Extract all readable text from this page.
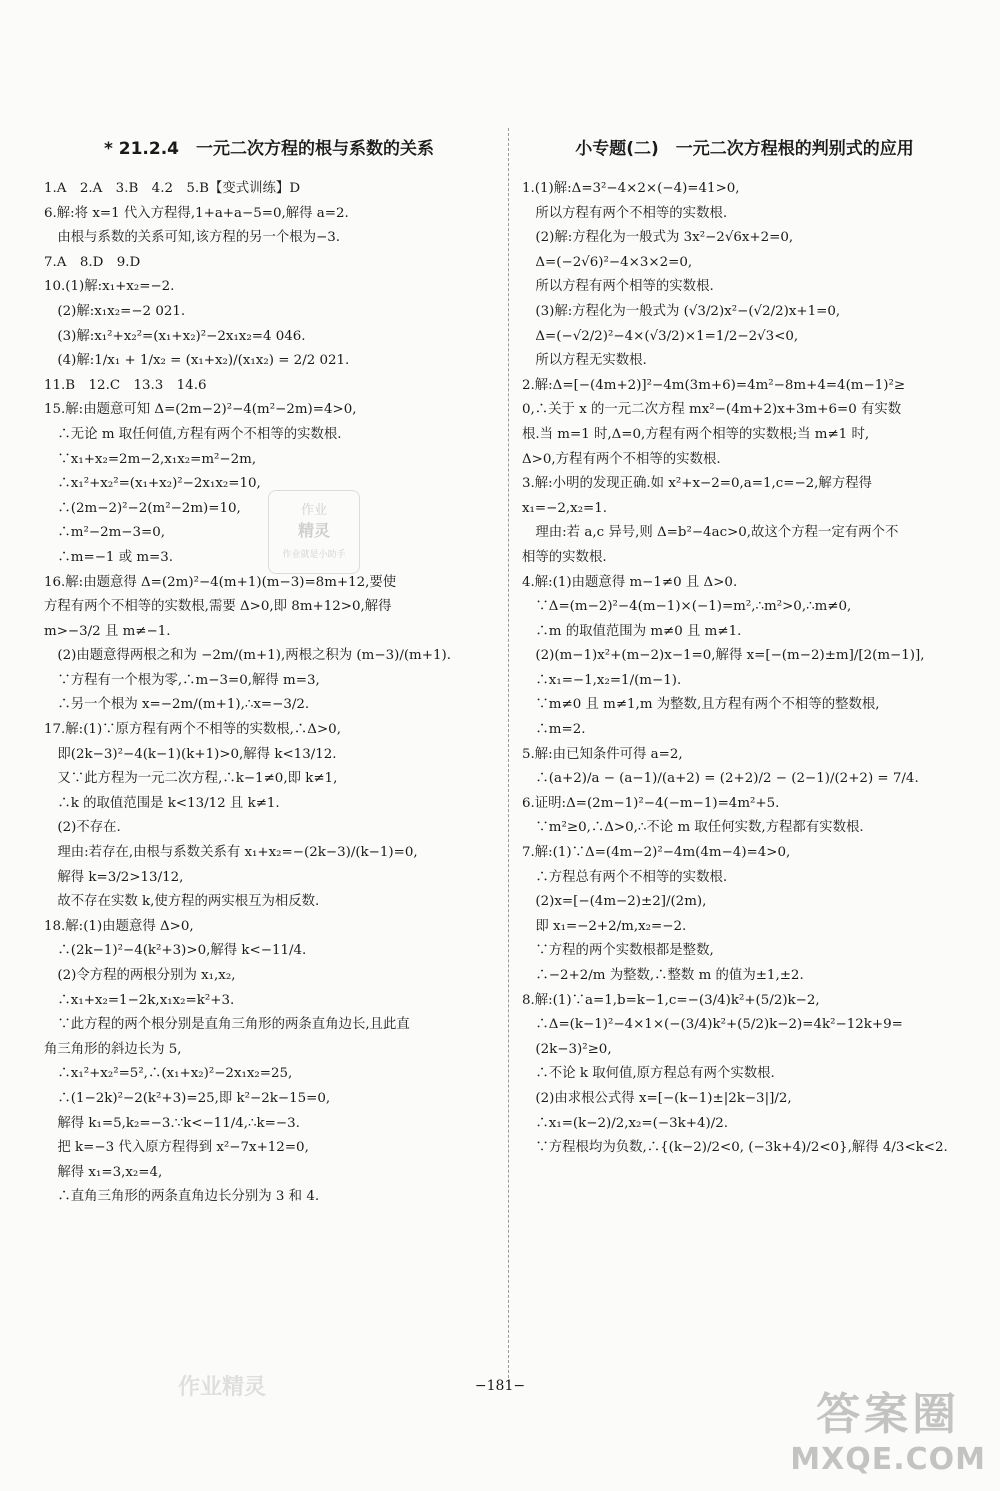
* 21.2.4　一元二次方程的根与系数的关系
1.A　2.A　3.B　4.2　5.B【变式训练】D
6.解:将 x=1 代入方程得,1+a+a−5=0,解得 a=2.
　由根与系数的关系可知,该方程的另一个根为−3.
7.A　8.D　9.D
10.(1)解:x₁+x₂=−2.
　(2)解:x₁x₂=−2 021.
　(3)解:x₁²+x₂²=(x₁+x₂)²−2x₁x₂=4 046.
　(4)解:1/x₁ + 1/x₂ = (x₁+x₂)/(x₁x₂) = 2/2 021.
11.B　12.C　13.3　14.6
15.解:由题意可知 Δ=(2m−2)²−4(m²−2m)=4>0,
　∴无论 m 取任何值,方程有两个不相等的实数根.
　∵x₁+x₂=2m−2,x₁x₂=m²−2m,
　∴x₁²+x₂²=(x₁+x₂)²−2x₁x₂=10,
　∴(2m−2)²−2(m²−2m)=10,
　∴m²−2m−3=0,
　∴m=−1 或 m=3.
16.解:由题意得 Δ=(2m)²−4(m+1)(m−3)=8m+12,要使
方程有两个不相等的实数根,需要 Δ>0,即 8m+12>0,解得
m>−3/2 且 m≠−1.
　(2)由题意得两根之和为 −2m/(m+1),两根之积为 (m−3)/(m+1).
　∵方程有一个根为零,∴m−3=0,解得 m=3,
　∴另一个根为 x=−2m/(m+1),∴x=−3/2.
17.解:(1)∵原方程有两个不相等的实数根,∴Δ>0,
　即(2k−3)²−4(k−1)(k+1)>0,解得 k<13/12.
　又∵此方程为一元二次方程,∴k−1≠0,即 k≠1,
　∴k 的取值范围是 k<13/12 且 k≠1.
　(2)不存在.
　理由:若存在,由根与系数关系有 x₁+x₂=−(2k−3)/(k−1)=0,
　解得 k=3/2>13/12,
　故不存在实数 k,使方程的两实根互为相反数.
18.解:(1)由题意得 Δ>0,
　∴(2k−1)²−4(k²+3)>0,解得 k<−11/4.
　(2)令方程的两根分别为 x₁,x₂,
　∴x₁+x₂=1−2k,x₁x₂=k²+3.
　∵此方程的两个根分别是直角三角形的两条直角边长,且此直
角三角形的斜边长为 5,
　∴x₁²+x₂²=5²,∴(x₁+x₂)²−2x₁x₂=25,
　∴(1−2k)²−2(k²+3)=25,即 k²−2k−15=0,
　解得 k₁=5,k₂=−3.∵k<−11/4,∴k=−3.
　把 k=−3 代入原方程得到 x²−7x+12=0,
　解得 x₁=3,x₂=4,
　∴直角三角形的两条直角边长分别为 3 和 4.
小专题(二)　一元二次方程根的判别式的应用
1.(1)解:Δ=3²−4×2×(−4)=41>0,
　所以方程有两个不相等的实数根.
　(2)解:方程化为一般式为 3x²−2√6x+2=0,
　Δ=(−2√6)²−4×3×2=0,
　所以方程有两个相等的实数根.
　(3)解:方程化为一般式为 (√3/2)x²−(√2/2)x+1=0,
　Δ=(−√2/2)²−4×(√3/2)×1=1/2−2√3<0,
　所以方程无实数根.
2.解:Δ=[−(4m+2)]²−4m(3m+6)=4m²−8m+4=4(m−1)²≥
0,∴关于 x 的一元二次方程 mx²−(4m+2)x+3m+6=0 有实数
根.当 m=1 时,Δ=0,方程有两个相等的实数根;当 m≠1 时,
Δ>0,方程有两个不相等的实数根.
3.解:小明的发现正确.如 x²+x−2=0,a=1,c=−2,解方程得
x₁=−2,x₂=1.
　理由:若 a,c 异号,则 Δ=b²−4ac>0,故这个方程一定有两个不
相等的实数根.
4.解:(1)由题意得 m−1≠0 且 Δ>0.
　∵Δ=(m−2)²−4(m−1)×(−1)=m²,∴m²>0,∴m≠0,
　∴m 的取值范围为 m≠0 且 m≠1.
　(2)(m−1)x²+(m−2)x−1=0,解得 x=[−(m−2)±m]/[2(m−1)],
　∴x₁=−1,x₂=1/(m−1).
　∵m≠0 且 m≠1,m 为整数,且方程有两个不相等的整数根,
　∴m=2.
5.解:由已知条件可得 a=2,
　∴(a+2)/a − (a−1)/(a+2) = (2+2)/2 − (2−1)/(2+2) = 7/4.
6.证明:Δ=(2m−1)²−4(−m−1)=4m²+5.
　∵m²≥0,∴Δ>0,∴不论 m 取任何实数,方程都有实数根.
7.解:(1)∵Δ=(4m−2)²−4m(4m−4)=4>0,
　∴方程总有两个不相等的实数根.
　(2)x=[−(4m−2)±2]/(2m),
　即 x₁=−2+2/m,x₂=−2.
　∵方程的两个实数根都是整数,
　∴−2+2/m 为整数,∴整数 m 的值为±1,±2.
8.解:(1)∵a=1,b=k−1,c=−(3/4)k²+(5/2)k−2,
　∴Δ=(k−1)²−4×1×(−(3/4)k²+(5/2)k−2)=4k²−12k+9=
　(2k−3)²≥0,
　∴不论 k 取何值,原方程总有两个实数根.
　(2)由求根公式得 x=[−(k−1)±|2k−3|]/2,
　∴x₁=(k−2)/2,x₂=(−3k+4)/2.
　∵方程根均为负数,∴{(k−2)/2<0, (−3k+4)/2<0},解得 4/3<k<2.
作业
精灵
作业就是小助手
作业精灵	−181−
答案圈
MXQE.COM
